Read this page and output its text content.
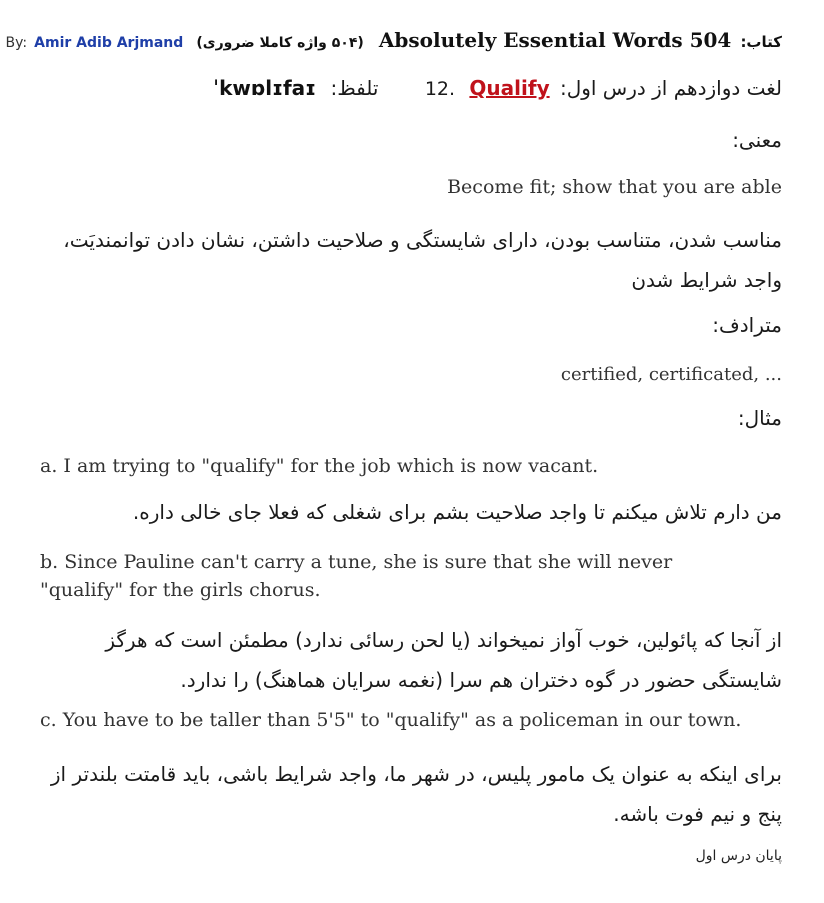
کتاب: Absolutely Essential Words 504 (۵۰۴ واژه کاملا ضروری) By: Amir Adib Arjmand
لغت دوازدهم از درس اول: 12. Qualify تلفظ: ˈkwɒlɪfaɪ
معنی:
Become fit; show that you are able
مناسب شدن، متناسب بودن، دارای شایستگی و صلاحیت داشتن، نشان دادن توانمندیَت، واجد شرایط شدن
مترادف:
certified, certificated, ...
مثال:
a. I am trying to "qualify" for the job which is now vacant.
من دارم تلاش میکنم تا واجد صلاحیت بشم برای شغلی که فعلا جای خالی داره.
b. Since Pauline can't carry a tune, she is sure that she will never "qualify" for the girls chorus.
از آنجا که پائولین، خوب آواز نمیخواند (یا لحن رسائی ندارد) مطمئن است که هرگز شایستگی حضور در گوه دختران هم سرا (نغمه سرایان هماهنگ) را ندارد.
c. You have to be taller than 5'5" to "qualify" as a policeman in our town.
برای اینکه به عنوان یک مامور پلیس، در شهر ما، واجد شرایط باشی، باید قامتت بلندتر از پنج و نیم فوت باشه.
پایان درس اول
